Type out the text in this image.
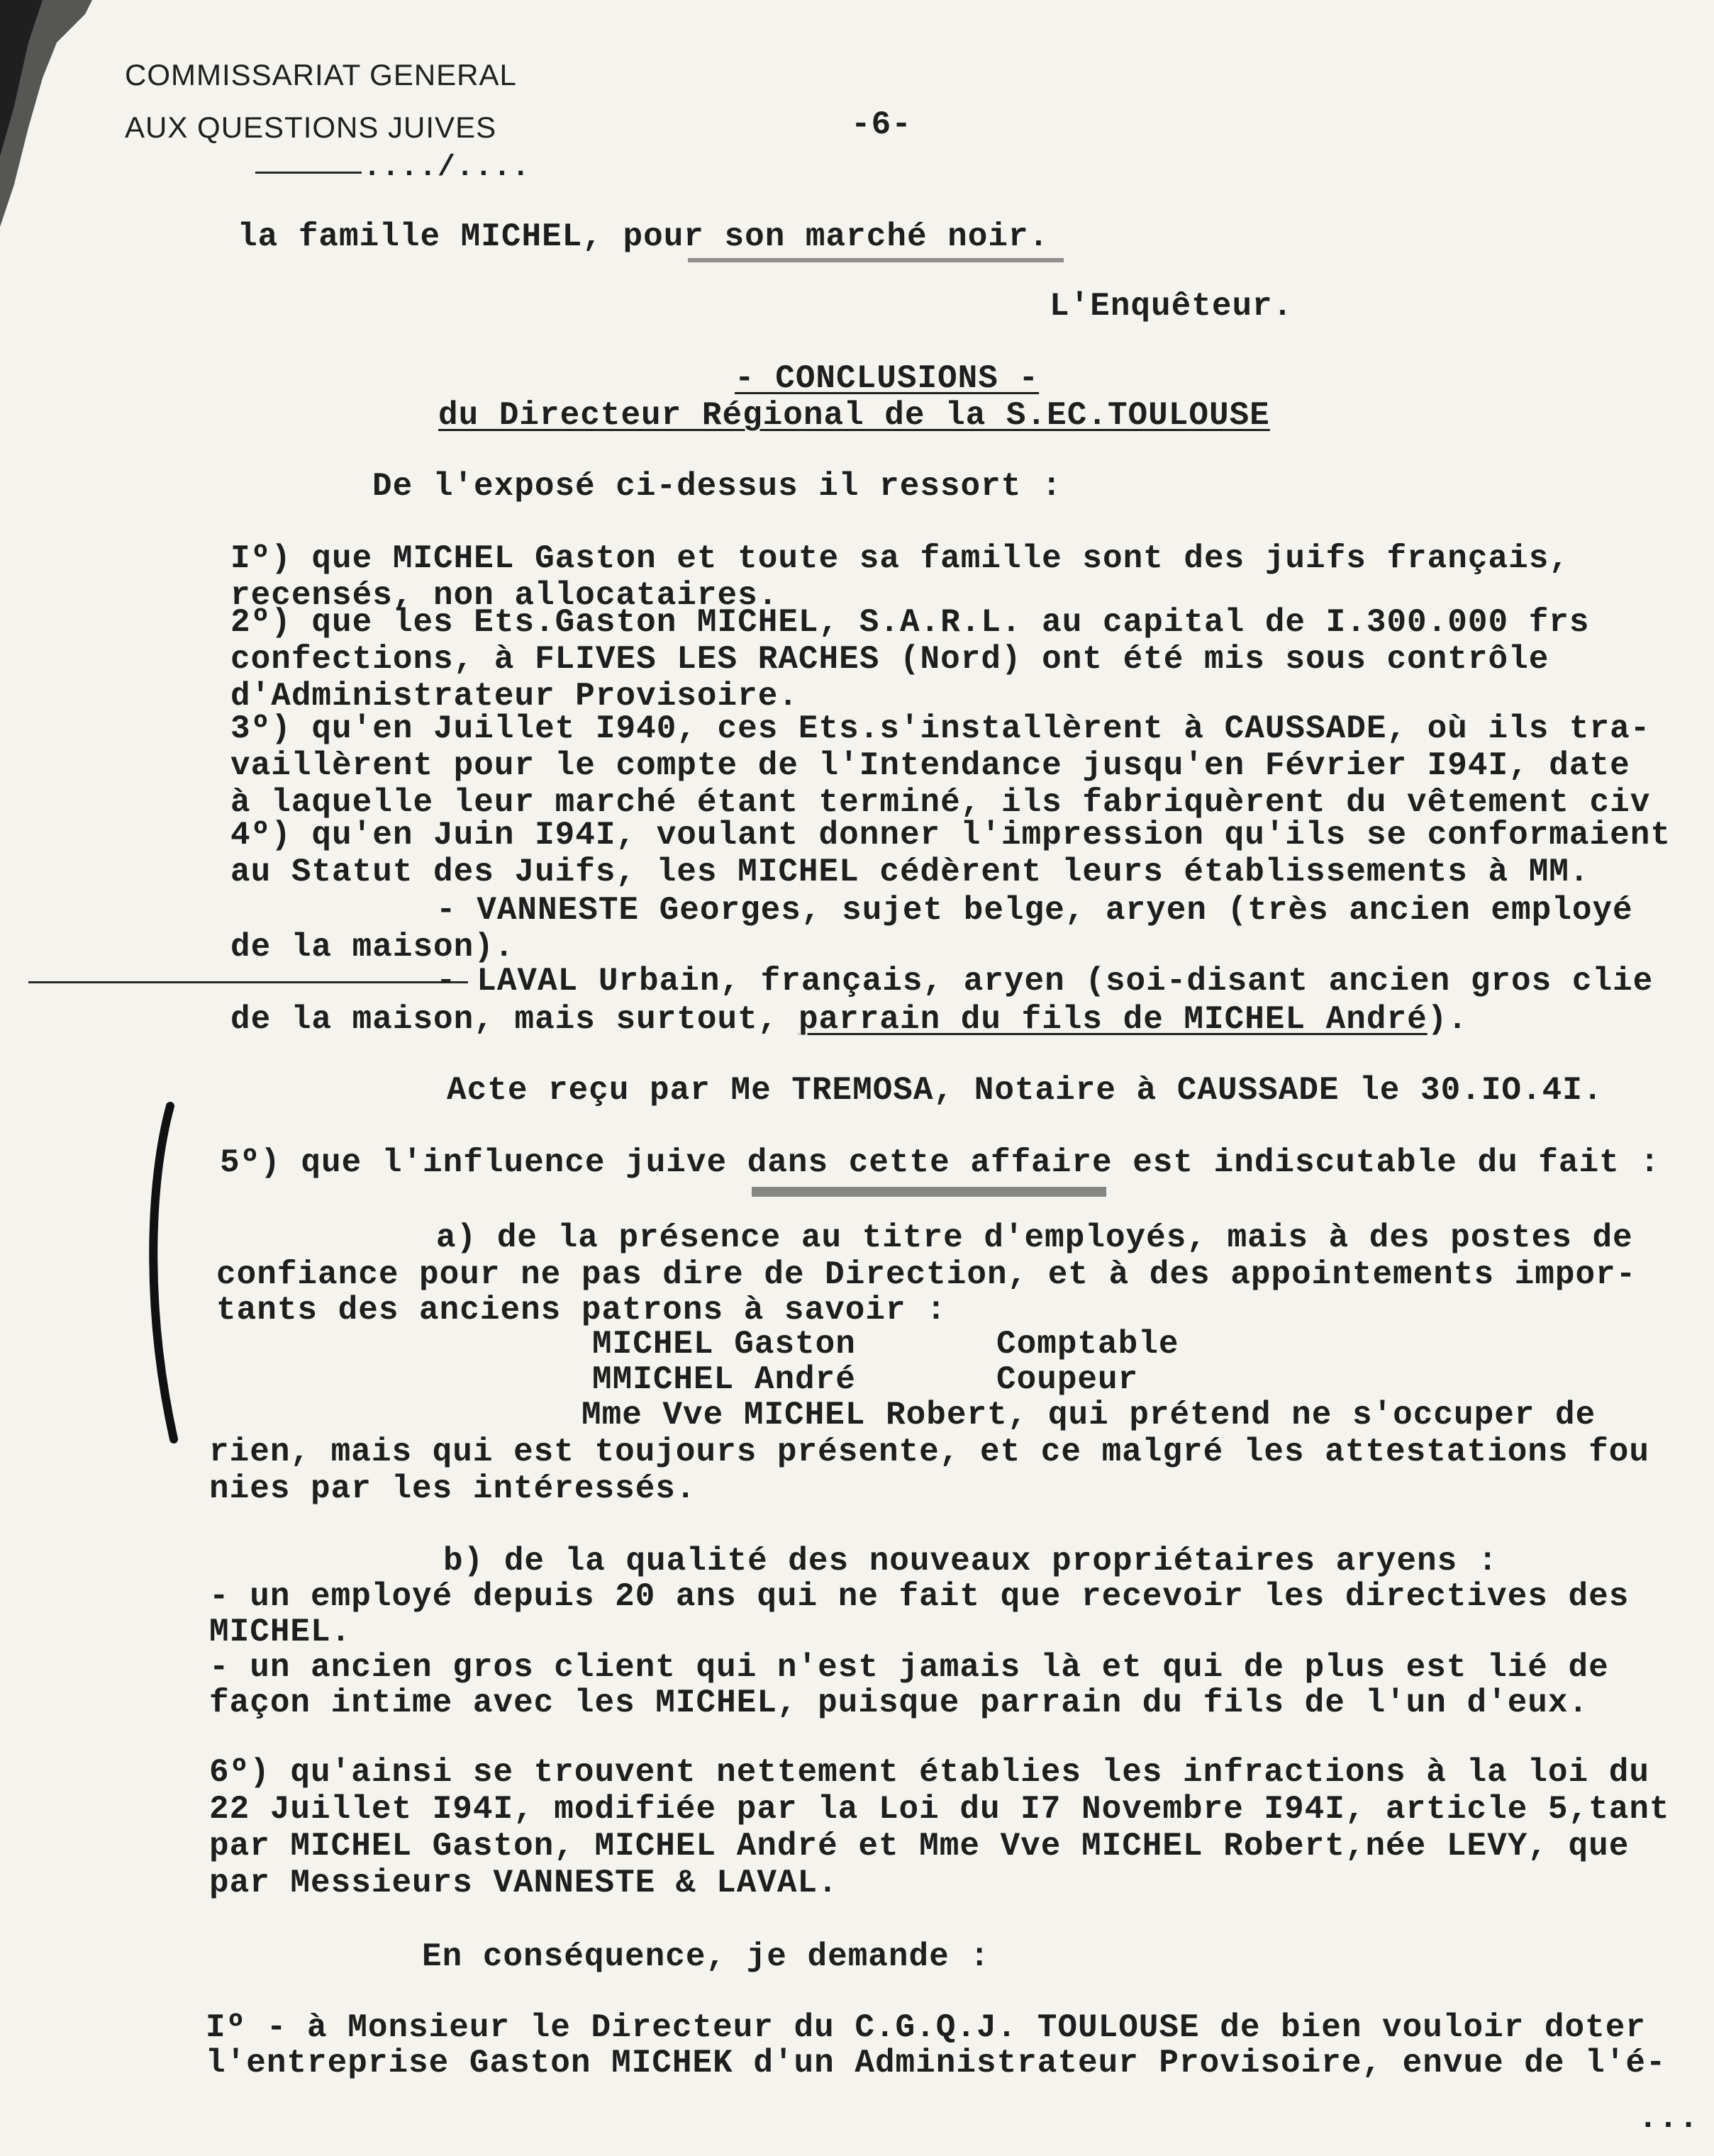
COMMISSARIAT GENERAL
AUX QUESTIONS JUIVES
..../....
-6-
la famille MICHEL, pour son marché noir.
L'Enquêteur.
- CONCLUSIONS -
du Directeur Régional de la S.EC.TOULOUSE
De l'exposé ci-dessus il ressort :
Iº) que MICHEL Gaston et toute sa famille sont des juifs français,
recensés, non allocataires.
2º) que les Ets.Gaston MICHEL, S.A.R.L. au capital de I.300.000 frs
confections, à FLIVES LES RACHES (Nord) ont été mis sous contrôle
d'Administrateur Provisoire.
3º) qu'en Juillet I940, ces Ets.s'installèrent à CAUSSADE, où ils tra-
vaillèrent pour le compte de l'Intendance jusqu'en Février I94I, date
à laquelle leur marché étant terminé, ils fabriquèrent du vêtement civ
4º) qu'en Juin I94I, voulant donner l'impression qu'ils se conformaient
au Statut des Juifs, les MICHEL cédèrent leurs établissements à MM.
- VANNESTE Georges, sujet belge, aryen (très ancien employé
de la maison).
- LAVAL Urbain, français, aryen (soi-disant ancien gros clie
de la maison, mais surtout, parrain du fils de MICHEL André).
Acte reçu par Me TREMOSA, Notaire à CAUSSADE le 30.IO.4I.
5º) que l'influence juive dans cette affaire est indiscutable du fait :
a) de la présence au titre d'employés, mais à des postes de
confiance pour ne pas dire de Direction, et à des appointements impor-
tants des anciens patrons à savoir :
MICHEL Gaston	Comptable
MMICHEL André	Coupeur
Mme Vve MICHEL Robert, qui prétend ne s'occuper de
rien, mais qui est toujours présente, et ce malgré les attestations fou
nies par les intéressés.
b) de la qualité des nouveaux propriétaires aryens :
- un employé depuis 20 ans qui ne fait que recevoir les directives des
MICHEL.
- un ancien gros client qui n'est jamais là et qui de plus est lié de
façon intime avec les MICHEL, puisque parrain du fils de l'un d'eux.
6º) qu'ainsi se trouvent nettement établies les infractions à la loi du
22 Juillet I94I, modifiée par la Loi du I7 Novembre I94I, article 5,tant
par MICHEL Gaston, MICHEL André et Mme Vve MICHEL Robert,née LEVY, que
par Messieurs VANNESTE & LAVAL.
En conséquence, je demande :
Iº - à Monsieur le Directeur du C.G.Q.J. TOULOUSE de bien vouloir doter
l'entreprise Gaston MICHEK d'un Administrateur Provisoire, envue de l'é-
...
